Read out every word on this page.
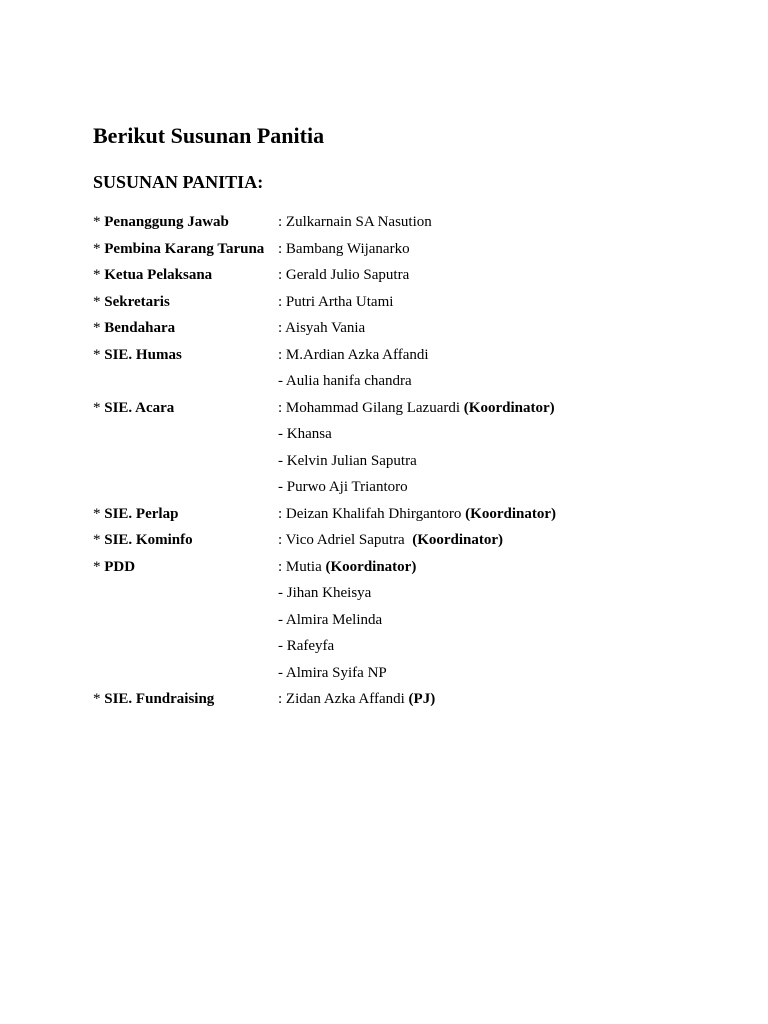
Berikut Susunan Panitia
SUSUNAN PANITIA:
* Penanggung Jawab	: Zulkarnain SA Nasution
* Pembina Karang Taruna : Bambang Wijanarko
* Ketua Pelaksana	: Gerald Julio Saputra
* Sekretaris	: Putri Artha Utami
* Bendahara	: Aisyah Vania
* SIE. Humas	: M.Ardian Azka Affandi
- Aulia hanifa chandra
* SIE. Acara	: Mohammad Gilang Lazuardi (Koordinator)
- Khansa
- Kelvin Julian Saputra
- Purwo Aji Triantoro
* SIE. Perlap	: Deizan Khalifah Dhirgantoro (Koordinator)
* SIE. Kominfo	: Vico Adriel Saputra  (Koordinator)
* PDD	: Mutia (Koordinator)
- Jihan Kheisya
- Almira Melinda
- Rafeyfa
- Almira Syifa NP
* SIE. Fundraising	: Zidan Azka Affandi (PJ)
